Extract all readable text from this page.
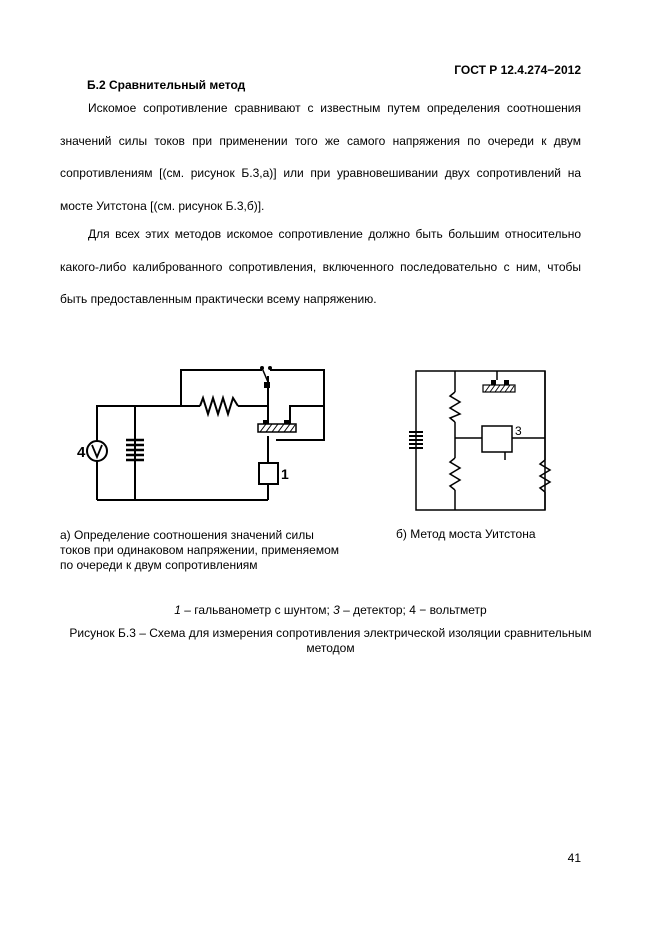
ГОСТ Р 12.4.274−2012
Б.2 Сравнительный метод
Искомое сопротивление сравнивают с известным путем определения соотношения значений силы токов при применении того же самого напряжения по очереди к двум сопротивлениям [(см. рисунок Б.3,а)] или при уравновешивании двух сопротивлений на мосте Уитстона [(см. рисунок Б.3,б)].
Для всех этих методов искомое сопротивление должно быть большим относительно какого-либо калиброванного сопротивления, включенного последовательно с ним, чтобы быть предоставленным практически всему напряжению.
4
1
3
а) Определение соотношения значений силы токов при одинаковом напряжении, применяемом по очереди к двум сопротивлениям
б) Метод моста Уитстона
1 – гальванометр с шунтом; 3 – детектор; 4 − вольтметр
Рисунок Б.3 – Схема для измерения сопротивления электрической изоляции сравнительным методом
41
